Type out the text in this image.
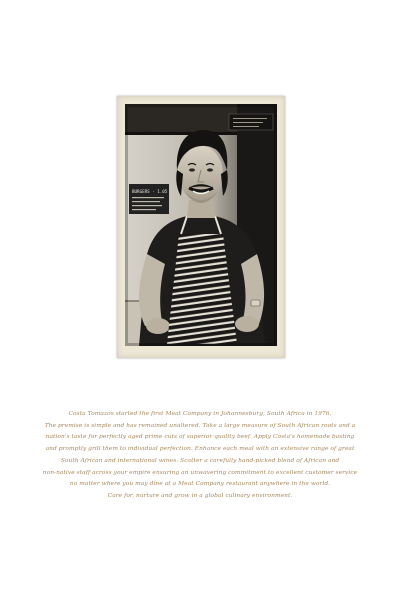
BURGERS · 1.05
Costa Tomazos started the first Meat Company in Johannesburg, South Africa in 1976.
The premise is simple and has remained unaltered. Take a large measure of South African roots and a
nation's taste for perfectly aged prime cuts of superior quality beef. Apply Costa's homemade basting
and promptly grill them to individual perfection. Enhance each meal with an extensive range of great
South African and international wines. Scatter a carefully hand-picked blend of African and
non-native staff across your empire ensuring an unwavering commitment to excellent customer service
no matter where you may dine at a Meat Company restaurant anywhere in the world.
Care for, nurture and grow in a global culinary environment.
